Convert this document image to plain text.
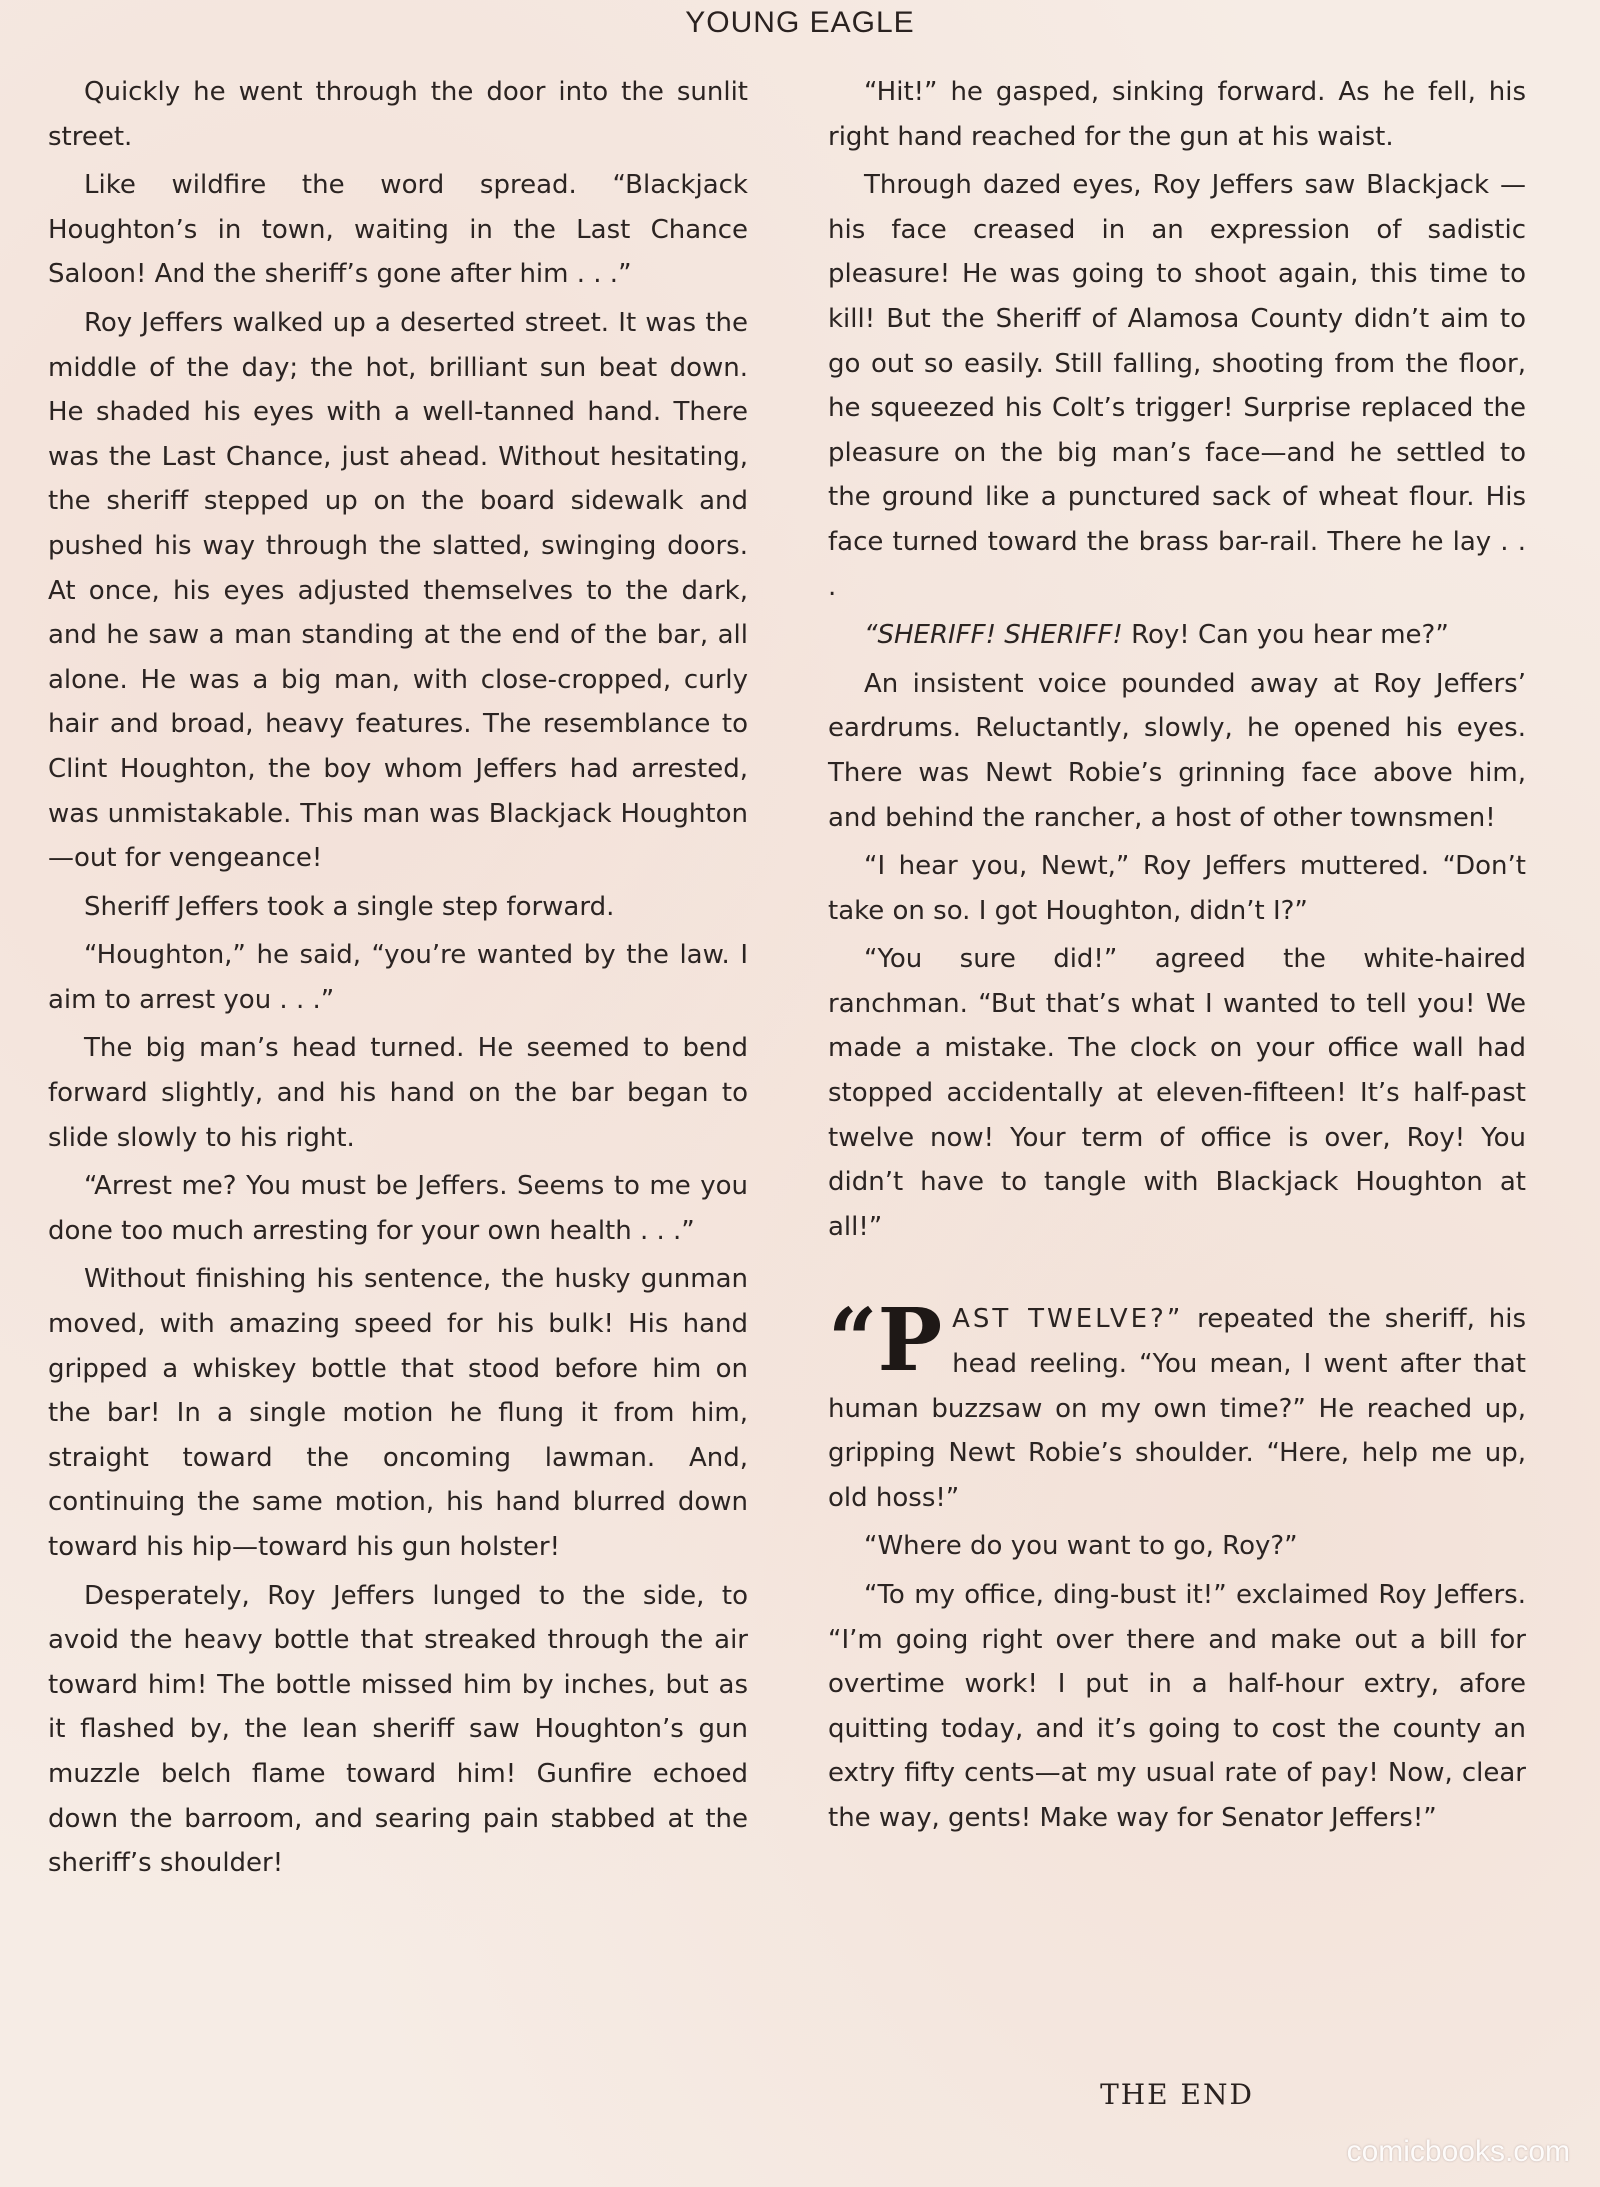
YOUNG EAGLE

Quickly he went through the door into the sunlit street.

Like wildfire the word spread. “Blackjack Houghton’s in town, waiting in the Last Chance Saloon! And the sheriff’s gone after him . . .”

Roy Jeffers walked up a deserted street. It was the middle of the day; the hot, brilliant sun beat down. He shaded his eyes with a well-tanned hand. There was the Last Chance, just ahead. Without hesitating, the sheriff stepped up on the board sidewalk and pushed his way through the slatted, swinging doors. At once, his eyes adjusted themselves to the dark, and he saw a man standing at the end of the bar, all alone. He was a big man, with close-cropped, curly hair and broad, heavy features. The resemblance to Clint Houghton, the boy whom Jeffers had arrested, was unmistakable. This man was Blackjack Houghton—out for vengeance!

Sheriff Jeffers took a single step forward.

“Houghton,” he said, “you’re wanted by the law. I aim to arrest you . . .”

The big man’s head turned. He seemed to bend forward slightly, and his hand on the bar began to slide slowly to his right.

“Arrest me? You must be Jeffers. Seems to me you done too much arresting for your own health . . .”

Without finishing his sentence, the husky gunman moved, with amazing speed for his bulk! His hand gripped a whiskey bottle that stood before him on the bar! In a single motion he flung it from him, straight toward the oncoming lawman. And, continuing the same motion, his hand blurred down toward his hip—toward his gun holster!

Desperately, Roy Jeffers lunged to the side, to avoid the heavy bottle that streaked through the air toward him! The bottle missed him by inches, but as it flashed by, the lean sheriff saw Houghton’s gun muzzle belch flame toward him! Gunfire echoed down the barroom, and searing pain stabbed at the sheriff’s shoulder!

“Hit!” he gasped, sinking forward. As he fell, his right hand reached for the gun at his waist.

Through dazed eyes, Roy Jeffers saw Blackjack — his face creased in an expression of sadistic pleasure! He was going to shoot again, this time to kill! But the Sheriff of Alamosa County didn’t aim to go out so easily. Still falling, shooting from the floor, he squeezed his Colt’s trigger! Surprise replaced the pleasure on the big man’s face—and he settled to the ground like a punctured sack of wheat flour. His face turned toward the brass bar-rail. There he lay . . .

“SHERIFF! SHERIFF! Roy! Can you hear me?”

An insistent voice pounded away at Roy Jeffers’ eardrums. Reluctantly, slowly, he opened his eyes. There was Newt Robie’s grinning face above him, and behind the rancher, a host of other townsmen!

“I hear you, Newt,” Roy Jeffers muttered. “Don’t take on so. I got Houghton, didn’t I?”

“You sure did!” agreed the white-haired ranchman. “But that’s what I wanted to tell you! We made a mistake. The clock on your office wall had stopped accidentally at eleven-fifteen! It’s half-past twelve now! Your term of office is over, Roy! You didn’t have to tangle with Blackjack Houghton at all!”

“PAST TWELVE?” repeated the sheriff, his head reeling. “You mean, I went after that human buzzsaw on my own time?” He reached up, gripping Newt Robie’s shoulder. “Here, help me up, old hoss!”

“Where do you want to go, Roy?”

“To my office, ding-bust it!” exclaimed Roy Jeffers. “I’m going right over there and make out a bill for overtime work! I put in a half-hour extry, afore quitting today, and it’s going to cost the county an extry fifty cents—at my usual rate of pay! Now, clear the way, gents! Make way for Senator Jeffers!”

THE END
comicbooks.com
